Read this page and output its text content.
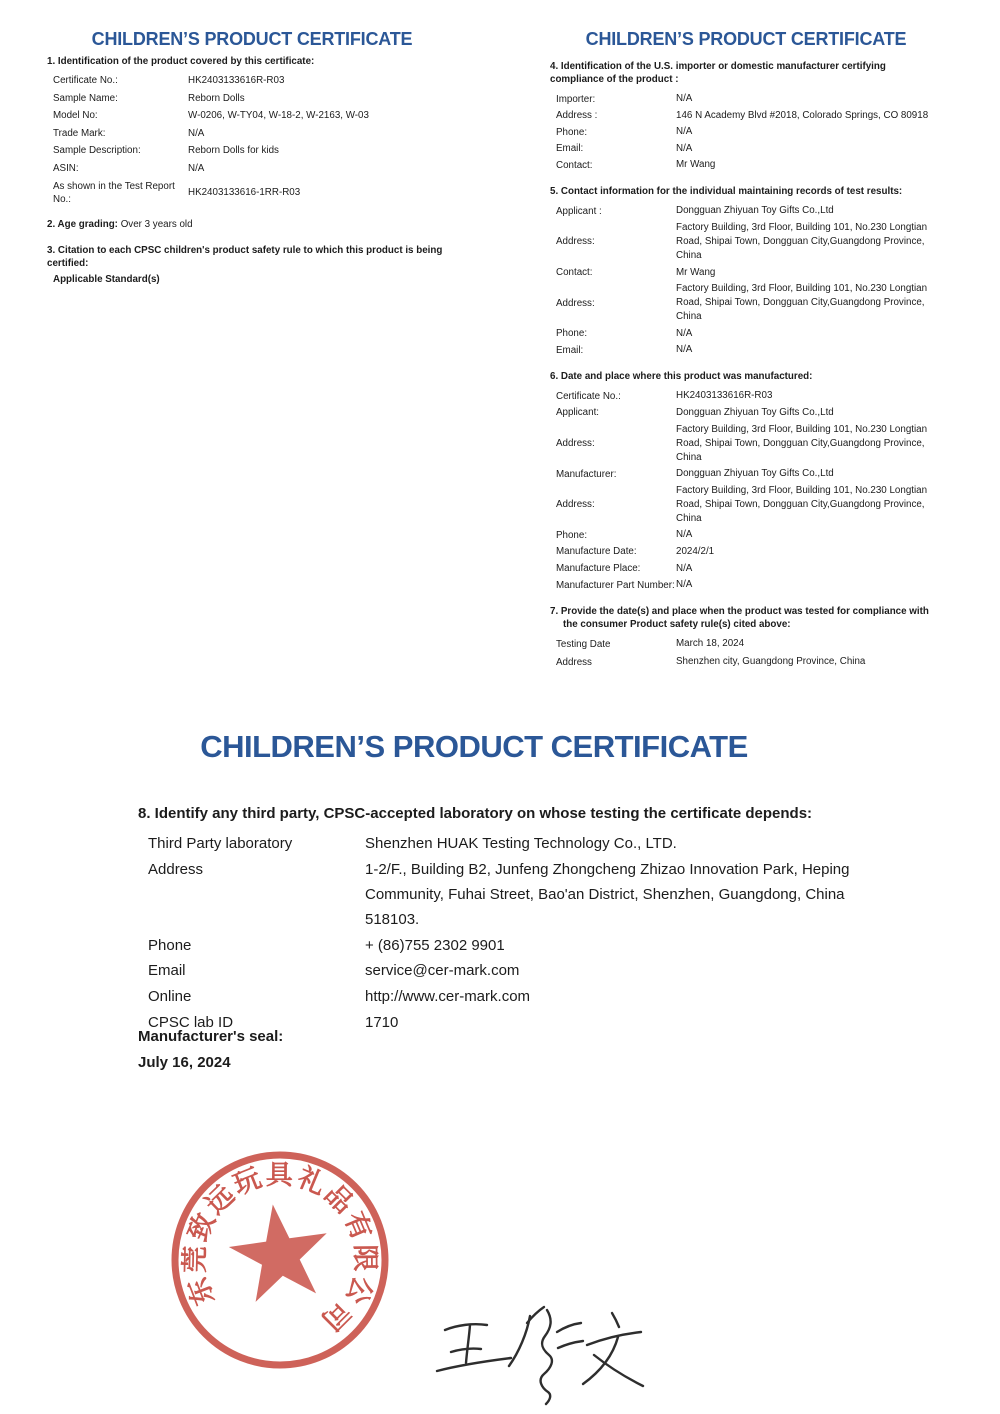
CHILDREN’S PRODUCT CERTIFICATE
1. Identification of the product covered by this certificate:
Certificate No.:	HK2403133616R-R03
Sample Name:	Reborn Dolls
Model No:	W-0206, W-TY04, W-18-2, W-2163, W-03
Trade Mark:	N/A
Sample Description:	Reborn Dolls for kids
ASIN:	N/A
As shown in the Test Report No.:
HK2403133616-1RR-R03
2. Age grading: Over 3 years old
3. Citation to each CPSC children's product safety rule to which this product is being certified:
Applicable Standard(s)

CHILDREN’S PRODUCT CERTIFICATE
4. Identification of the U.S. importer or domestic manufacturer certifying compliance of the product :
Importer:	N/A
Address :	146 N Academy Blvd #2018, Colorado Springs, CO 80918
Phone:	N/A
Email:	N/A
Contact:	Mr Wang
5. Contact information for the individual maintaining records of test results:
Applicant :	Dongguan Zhiyuan Toy Gifts Co.,Ltd
Address:
Factory Building, 3rd Floor, Building 101, No.230 Longtian Road, Shipai Town, Dongguan City,Guangdong Province, China
Contact:	Mr Wang
Address:
Factory Building, 3rd Floor, Building 101, No.230 Longtian Road, Shipai Town, Dongguan City,Guangdong Province, China
Phone:	N/A
Email:	N/A
6. Date and place where this product was manufactured:
Certificate No.:	HK2403133616R-R03
Applicant:	Dongguan Zhiyuan Toy Gifts Co.,Ltd
Address:
Factory Building, 3rd Floor, Building 101, No.230 Longtian Road, Shipai Town, Dongguan City,Guangdong Province, China
Manufacturer:	Dongguan Zhiyuan Toy Gifts Co.,Ltd
Address:
Factory Building, 3rd Floor, Building 101, No.230 Longtian Road, Shipai Town, Dongguan City,Guangdong Province, China
Phone:	N/A
Manufacture Date:	2024/2/1
Manufacture Place:	N/A
Manufacturer Part Number: N/A
7. Provide the date(s) and place when the product was tested for compliance with the consumer Product safety rule(s) cited above:
Testing Date	March 18, 2024
Address	Shenzhen city, Guangdong Province, China
CHILDREN’S PRODUCT CERTIFICATE
8. Identify any third party, CPSC-accepted laboratory on whose testing the certificate depends:
Third Party laboratory	Shenzhen HUAK Testing Technology Co., LTD.
Address	1-2/F., Building B2, Junfeng Zhongcheng Zhizao Innovation Park, Heping Community, Fuhai Street, Bao'an District, Shenzhen, Guangdong, China 518103.
Phone	+ (86)755 2302 9901
Email	service@cer-mark.com
Online	http://www.cer-mark.com
CPSC lab ID	1710
Manufacturer's seal:
July 16, 2024
东莞致远玩具礼品有限公
司
